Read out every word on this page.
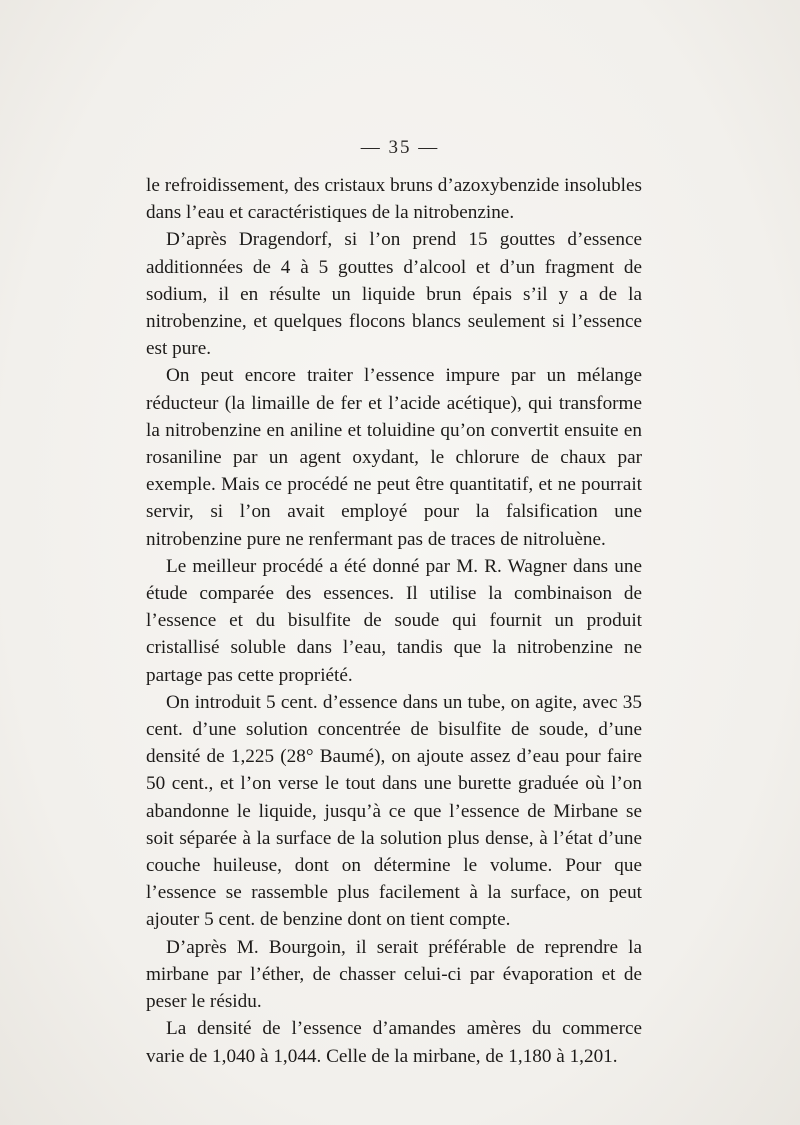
— 35 —

le refroidissement, des cristaux bruns d’azoxybenzide insolubles dans l’eau et caractéristiques de la nitrobenzine.

D’après Dragendorf, si l’on prend 15 gouttes d’essence additionnées de 4 à 5 gouttes d’alcool et d’un fragment de sodium, il en résulte un liquide brun épais s’il y a de la nitrobenzine, et quelques flocons blancs seulement si l’essence est pure.

On peut encore traiter l’essence impure par un mélange réducteur (la limaille de fer et l’acide acétique), qui transforme la nitrobenzine en aniline et toluidine qu’on convertit ensuite en rosaniline par un agent oxydant, le chlorure de chaux par exemple. Mais ce procédé ne peut être quantitatif, et ne pourrait servir, si l’on avait employé pour la falsification une nitrobenzine pure ne renfermant pas de traces de nitroluène.

Le meilleur procédé a été donné par M. R. Wagner dans une étude comparée des essences. Il utilise la combinaison de l’essence et du bisulfite de soude qui fournit un produit cristallisé soluble dans l’eau, tandis que la nitrobenzine ne partage pas cette propriété.

On introduit 5 cent. d’essence dans un tube, on agite, avec 35 cent. d’une solution concentrée de bisulfite de soude, d’une densité de 1,225 (28° Baumé), on ajoute assez d’eau pour faire 50 cent., et l’on verse le tout dans une burette graduée où l’on abandonne le liquide, jusqu’à ce que l’essence de Mirbane se soit séparée à la surface de la solution plus dense, à l’état d’une couche huileuse, dont on détermine le volume. Pour que l’essence se rassemble plus facilement à la surface, on peut ajouter 5 cent. de benzine dont on tient compte.

D’après M. Bourgoin, il serait préférable de reprendre la mirbane par l’éther, de chasser celui-ci par évaporation et de peser le résidu.

La densité de l’essence d’amandes amères du commerce varie de 1,040 à 1,044. Celle de la mirbane, de 1,180 à 1,201.
